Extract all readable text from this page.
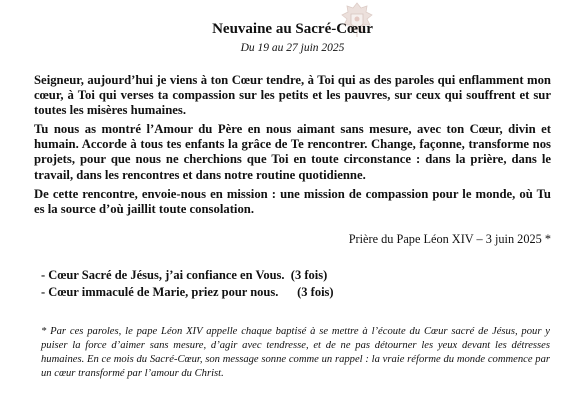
Neuvaine au Sacré-Cœur
Du 19 au 27 juin 2025

Seigneur, aujourd’hui je viens à ton Cœur tendre, à Toi qui as des paroles qui enflamment mon cœur, à Toi qui verses ta compassion sur les petits et les pauvres, sur ceux qui souffrent et sur toutes les misères humaines.

Tu nous as montré l’Amour du Père en nous aimant sans mesure, avec ton Cœur, divin et humain. Accorde à tous tes enfants la grâce de Te rencontrer. Change, façonne, transforme nos projets, pour que nous ne cherchions que Toi en toute circonstance : dans la prière, dans le travail, dans les rencontres et dans notre routine quotidienne.

De cette rencontre, envoie-nous en mission : une mission de compassion pour le monde, où Tu es la source d’où jaillit toute consolation.

Prière du Pape Léon XIV – 3 juin 2025 *
- Cœur Sacré de Jésus, j’ai confiance en Vous. (3 fois)
- Cœur immaculé de Marie, priez pour nous. (3 fois)
* Par ces paroles, le pape Léon XIV appelle chaque baptisé à se mettre à l’écoute du Cœur sacré de Jésus, pour y puiser la force d’aimer sans mesure, d’agir avec tendresse, et de ne pas détourner les yeux devant les détresses humaines. En ce mois du Sacré-Cœur, son message sonne comme un rappel : la vraie réforme du monde commence par un cœur transformé par l’amour du Christ.
